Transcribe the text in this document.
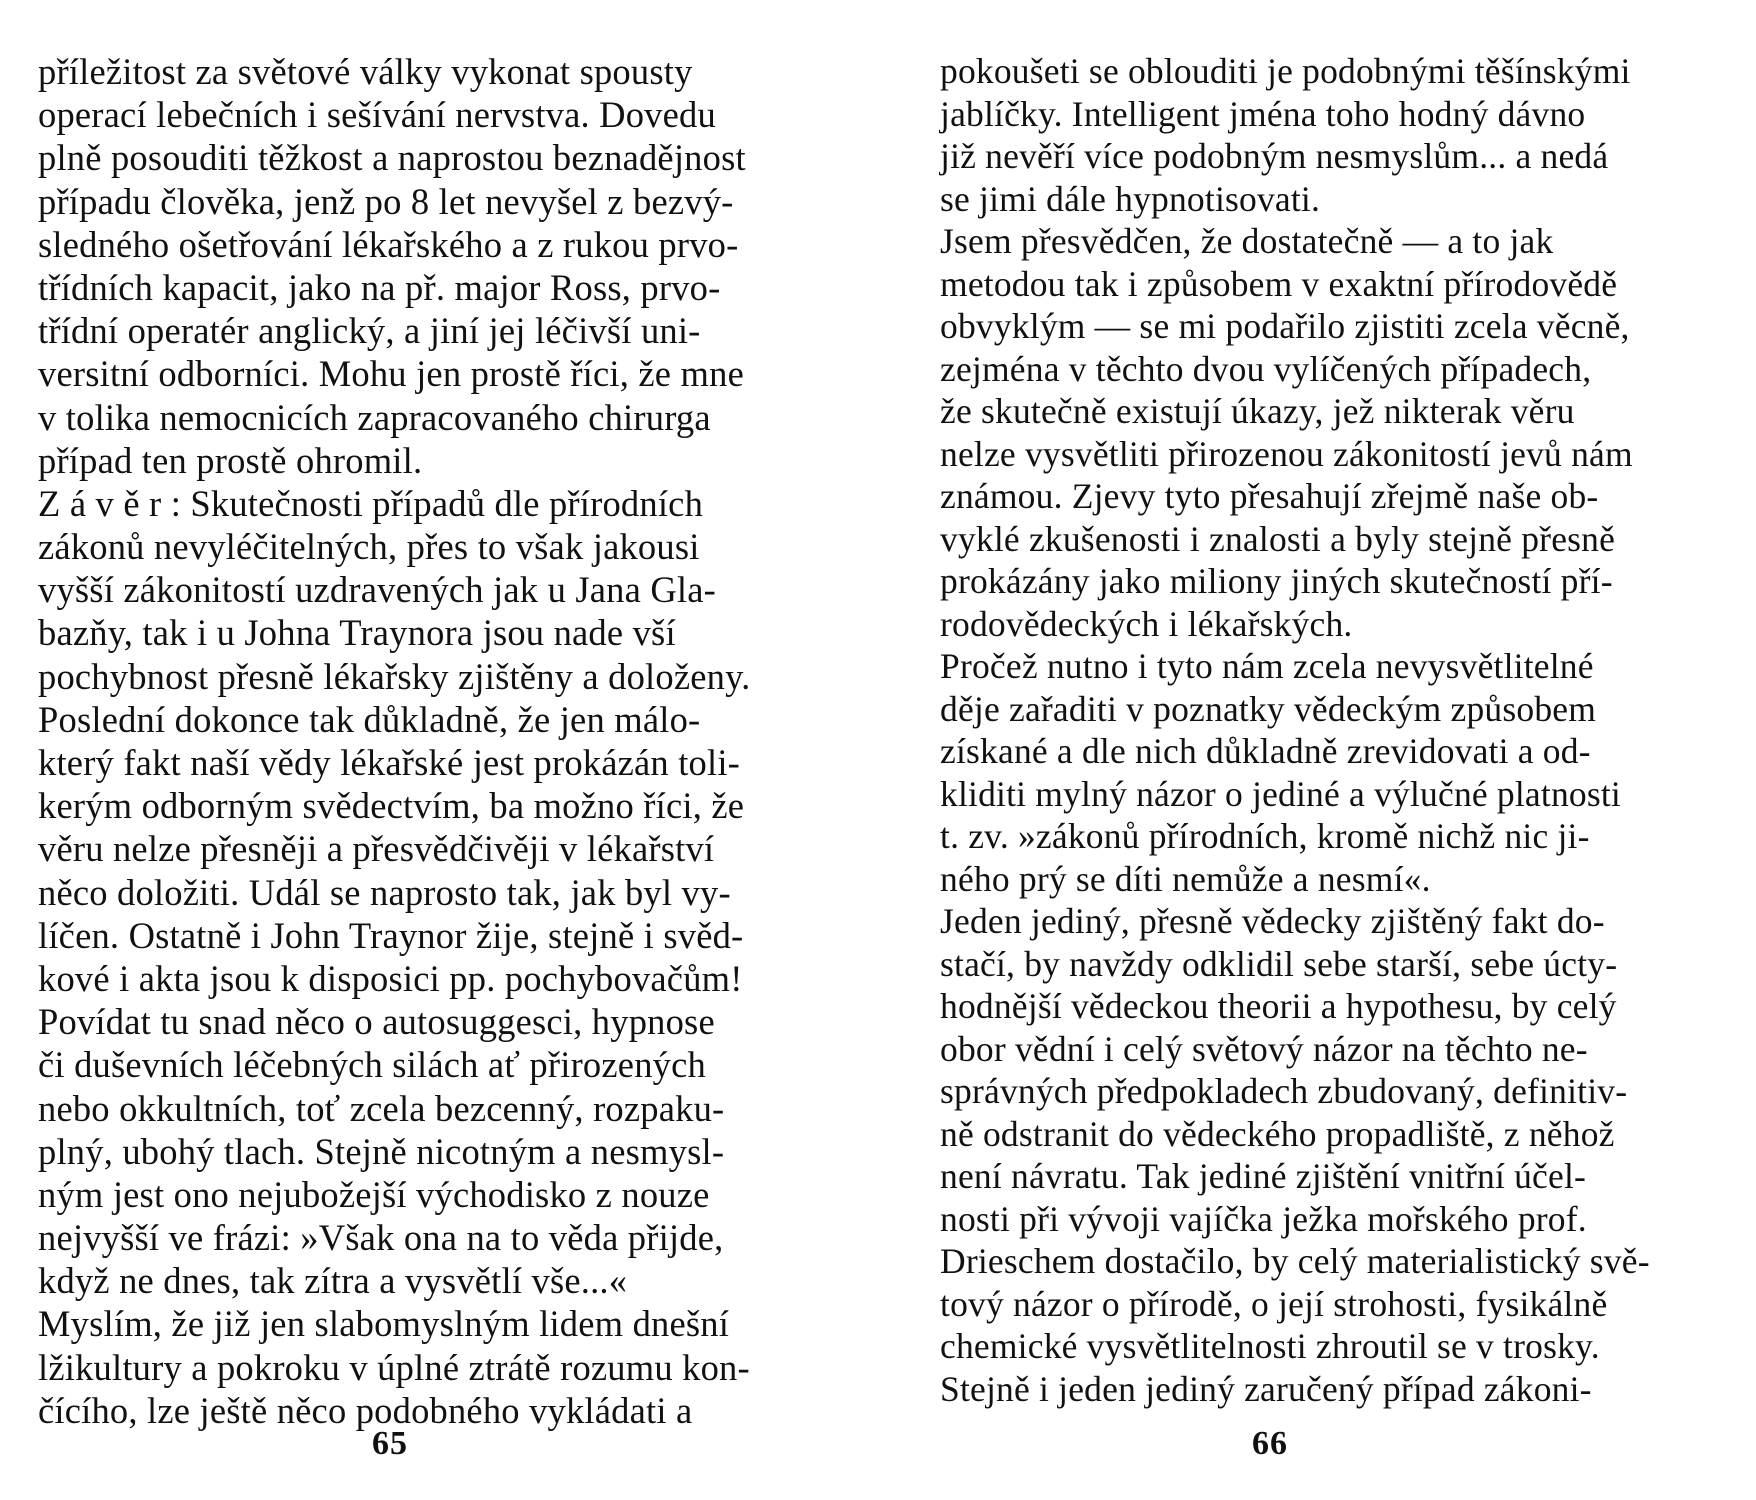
příležitost za světové války vykonat spousty
operací lebečních i sešívání nervstva. Dovedu
plně posouditi těžkost a naprostou beznadějnost
případu člověka, jenž po 8 let nevyšel z bezvý-
sledného ošetřování lékařského a z rukou prvo-
třídních kapacit, jako na př. major Ross, prvo-
třídní operatér anglický, a jiní jej léčivší uni-
versitní odborníci. Mohu jen prostě říci, že mne
v tolika nemocnicích zapracovaného chirurga
případ ten prostě ohromil.
Z á v ě r : Skutečnosti případů dle přírodních
zákonů nevyléčitelných, přes to však jakousi
vyšší zákonitostí uzdravených jak u Jana Gla-
bazňy, tak i u Johna Traynora jsou nade vší
pochybnost přesně lékařsky zjištěny a doloženy.
Poslední dokonce tak důkladně, že jen málo-
který fakt naší vědy lékařské jest prokázán toli-
kerým odborným svědectvím, ba možno říci, že
věru nelze přesněji a přesvědčivěji v lékařství
něco doložiti. Udál se naprosto tak, jak byl vy-
líčen. Ostatně i John Traynor žije, stejně i svěd-
kové i akta jsou k disposici pp. pochybovačům!
Povídat tu snad něco o autosuggesci, hypnose
či duševních léčebných silách ať přirozených
nebo okkultních, toť zcela bezcenný, rozpaku-
plný, ubohý tlach. Stejně nicotným a nesmysl-
ným jest ono nejubožejší východisko z nouze
nejvyšší ve frázi: »Však ona na to věda přijde,
když ne dnes, tak zítra a vysvětlí vše...«
Myslím, že již jen slabomyslným lidem dnešní
lžikultury a pokroku v úplné ztrátě rozumu kon-
čícího, lze ještě něco podobného vykládati a
65
pokoušeti se oblouditi je podobnými těšínskými
jablíčky. Intelligent jména toho hodný dávno
již nevěří více podobným nesmyslům... a nedá
se jimi dále hypnotisovati.
Jsem přesvědčen, že dostatečně — a to jak
metodou tak i způsobem v exaktní přírodovědě
obvyklým — se mi podařilo zjistiti zcela věcně,
zejména v těchto dvou vylíčených případech,
že skutečně existují úkazy, jež nikterak věru
nelze vysvětliti přirozenou zákonitostí jevů nám
známou. Zjevy tyto přesahují zřejmě naše ob-
vyklé zkušenosti i znalosti a byly stejně přesně
prokázány jako miliony jiných skutečností pří-
rodovědeckých i lékařských.
Pročež nutno i tyto nám zcela nevysvětlitelné
děje zařaditi v poznatky vědeckým způsobem
získané a dle nich důkladně zrevidovati a od-
kliditi mylný názor o jediné a výlučné platnosti
t. zv. »zákonů přírodních, kromě nichž nic ji-
ného prý se díti nemůže a nesmí«.
Jeden jediný, přesně vědecky zjištěný fakt do-
stačí, by navždy odklidil sebe starší, sebe úcty-
hodnější vědeckou theorii a hypothesu, by celý
obor vědní i celý světový názor na těchto ne-
správných předpokladech zbudovaný, definitiv-
ně odstranit do vědeckého propadliště, z něhož
není návratu. Tak jediné zjištění vnitřní účel-
nosti při vývoji vajíčka ježka mořského prof.
Drieschem dostačilo, by celý materialistický svě-
tový názor o přírodě, o její strohosti, fysikálně
chemické vysvětlitelnosti zhroutil se v trosky.
Stejně i jeden jediný zaručený případ zákoni-
66
